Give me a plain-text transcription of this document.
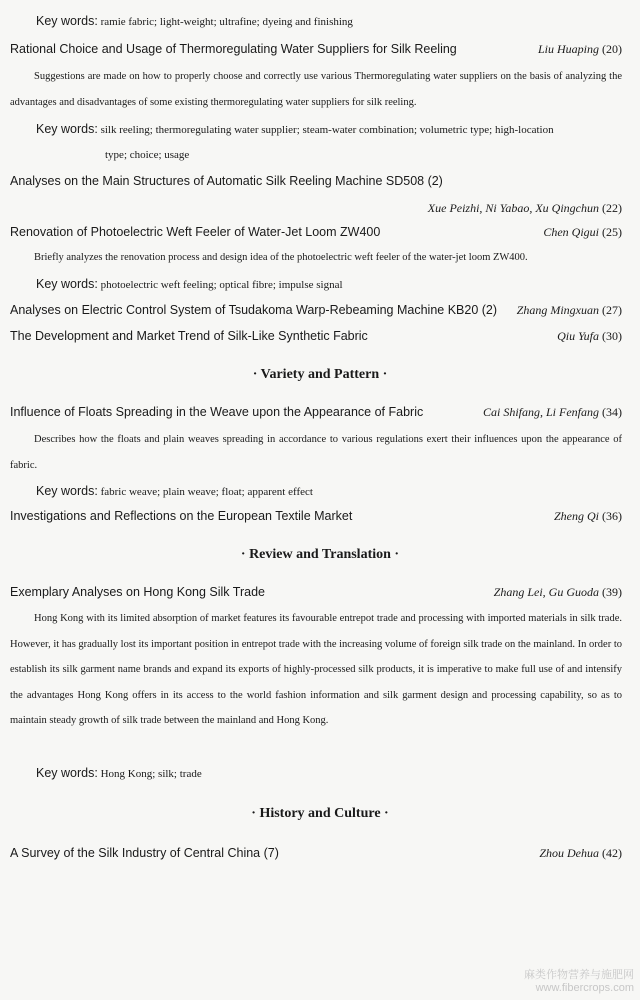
Key words: ramie fabric; light-weight; ultrafine; dyeing and finishing
Rational Choice and Usage of Thermoregulating Water Suppliers for Silk Reeling	Liu Huaping (20)
Suggestions are made on how to properly choose and correctly use various Thermoregulating water suppliers on the basis of analyzing the advantages and disadvantages of some existing thermoregulating water suppliers for silk reeling.
Key words: silk reeling; thermoregulating water supplier; steam-water combination; volumetric type; high-location
type; choice; usage
Analyses on the Main Structures of Automatic Silk Reeling Machine SD508 (2)
Xue Peizhi, Ni Yabao, Xu Qingchun (22)
Renovation of Photoelectric Weft Feeler of Water-Jet Loom ZW400	Chen Qigui (25)
Briefly analyzes the renovation process and design idea of the photoelectric weft feeler of the water-jet loom ZW400.
Key words: photoelectric weft feeling; optical fibre; impulse signal
Analyses on Electric Control System of Tsudakoma Warp-Rebeaming Machine KB20 (2) Zhang Mingxuan (27)
The Development and Market Trend of Silk-Like Synthetic Fabric	Qiu Yufa (30)
· Variety and Pattern ·
Influence of Floats Spreading in the Weave upon the Appearance of Fabric	Cai Shifang, Li Fenfang (34)
Describes how the floats and plain weaves spreading in accordance to various regulations exert their influences upon the appearance of fabric.
Key words: fabric weave; plain weave; float; apparent effect
Investigations and Reflections on the European Textile Market	Zheng Qi (36)
· Review and Translation ·
Exemplary Analyses on Hong Kong Silk Trade	Zhang Lei, Gu Guoda (39)
Hong Kong with its limited absorption of market features its favourable entrepot trade and processing with imported materials in silk trade. However, it has gradually lost its important position in entrepot trade with the increasing volume of foreign silk trade on the mainland. In order to establish its silk garment name brands and expand its exports of highly-processed silk products, it is imperative to make full use of and intensify the advantages Hong Kong offers in its access to the world fashion information and silk garment design and processing capability, so as to maintain steady growth of silk trade between the mainland and Hong Kong.
Key words: Hong Kong; silk; trade
· History and Culture ·
A Survey of the Silk Industry of Central China (7)	Zhou Dehua (42)
麻类作物营养与施肥网
www.fibercrops.com
